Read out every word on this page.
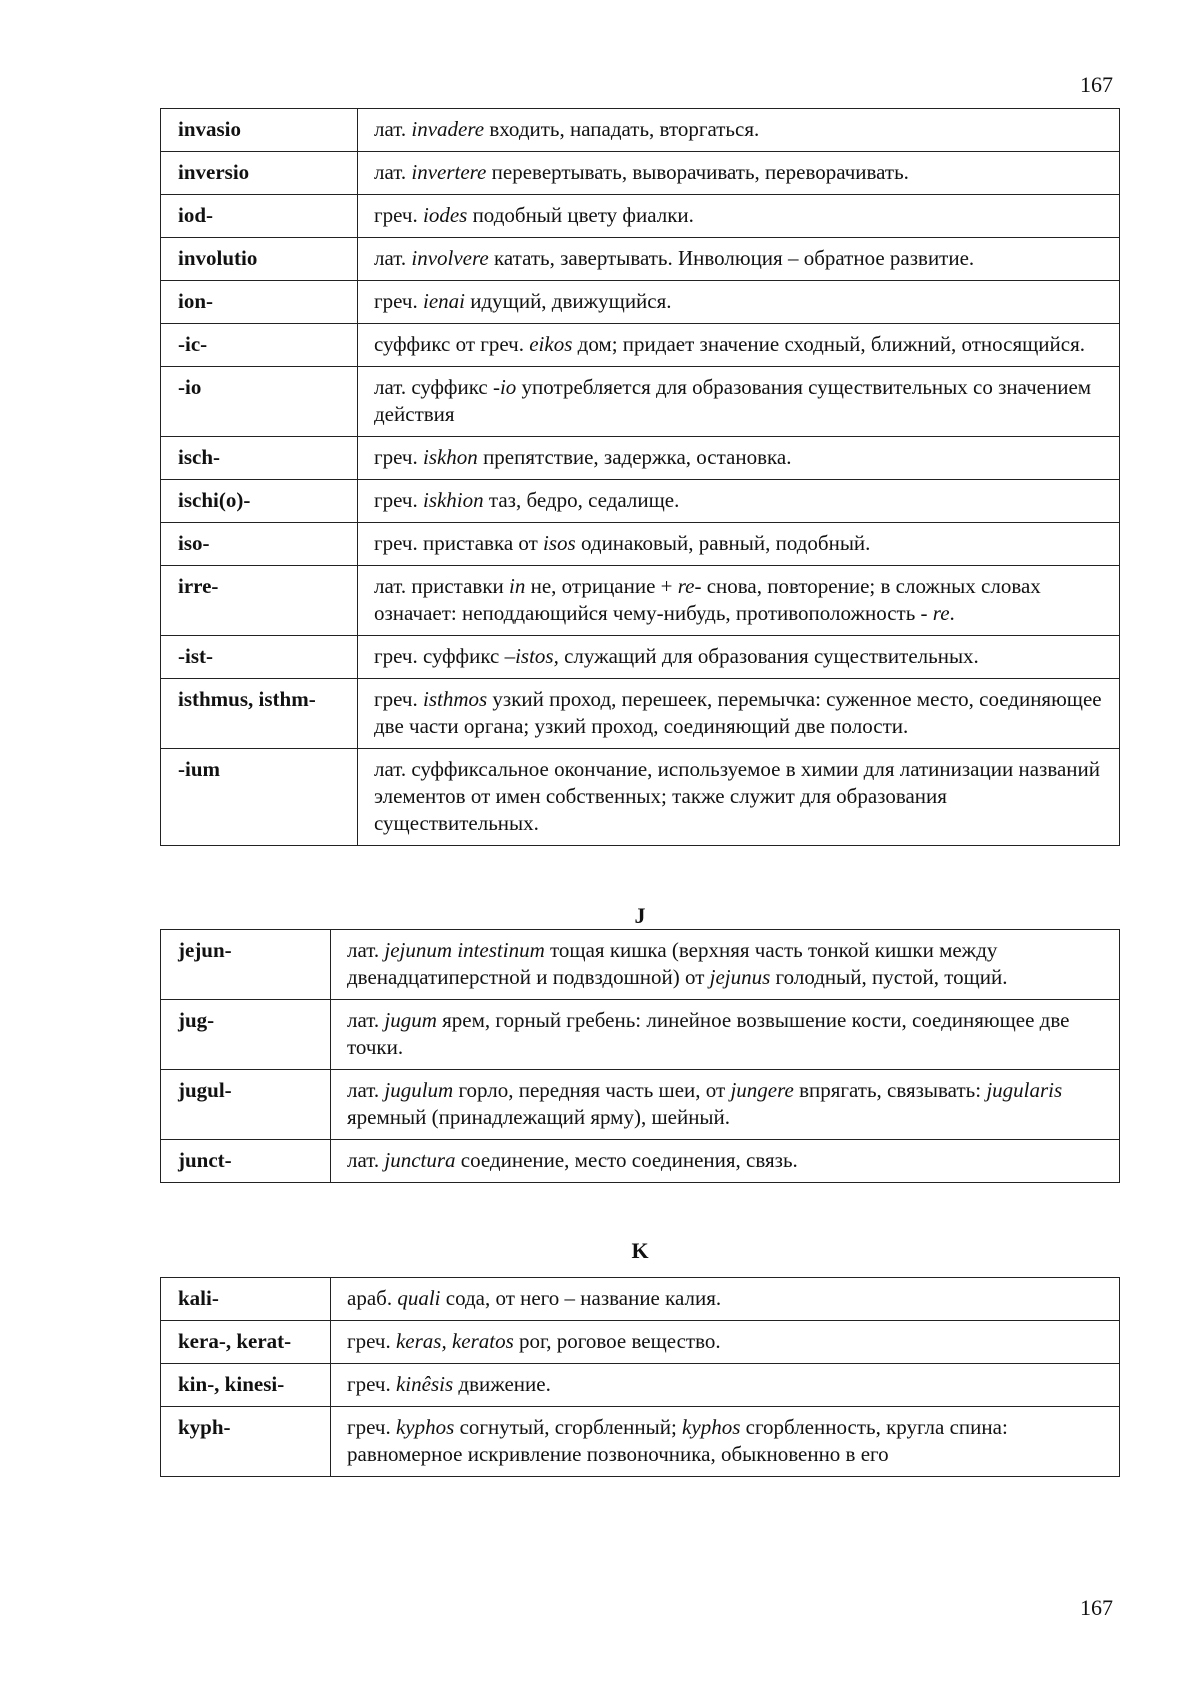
167
invasio	лат. invadere входить, нападать, вторгаться.
inversio	лат. invertere перевертывать, выворачивать, переворачивать.
iod-	греч. iodes подобный цвету фиалки.
involutio	лат. involvere катать, завертывать. Инволюция – обратное развитие.
ion-	греч. ienai идущий, движущийся.
-ic-	суффикс от греч. eikos дом; придает значение сходный, ближний, относящийся.
-io	лат. суффикс -io употребляется для образования существительных со значением действия
isch-	греч. iskhon препятствие, задержка, остановка.
ischi(o)-	греч. iskhion таз, бедро, седалище.
iso-	греч. приставка от isos одинаковый, равный, подобный.
irre-	лат. приставки in не, отрицание + re- снова, повторение; в сложных словах означает: неподдающийся чему-нибудь, противоположность - re.
-ist-	греч. суффикс –istos, служащий для образования существительных.
isthmus, isthm-	греч. isthmos узкий проход, перешеек, перемычка: суженное место, соединяющее две части органа; узкий проход, соединяющий две полости.
-ium	лат. суффиксальное окончание, используемое в химии для латинизации названий элементов от имен собственных; также служит для образования существительных.
J
jejun-	лат. jejunum intestinum тощая кишка (верхняя часть тонкой кишки между двенадцатиперстной и подвздошной) от jejunus голодный, пустой, тощий.
jug-	лат. jugum ярем, горный гребень: линейное возвышение кости, соединяющее две точки.
jugul-	лат. jugulum горло, передняя часть шеи, от jungere впрягать, связывать: jugularis яремный (принадлежащий ярму), шейный.
junct-	лат. junctura соединение, место соединения, связь.
K
kali-	араб. quali сода, от него – название калия.
kera-, kerat-	греч. keras, keratos рог, роговое вещество.
kin-, kinesi-	греч. kinêsis движение.
kyph-	греч. kyphos согнутый, сгорбленный; kyphos сгорбленность, кругла спина: равномерное искривление позвоночника, обыкновенно в его
167
